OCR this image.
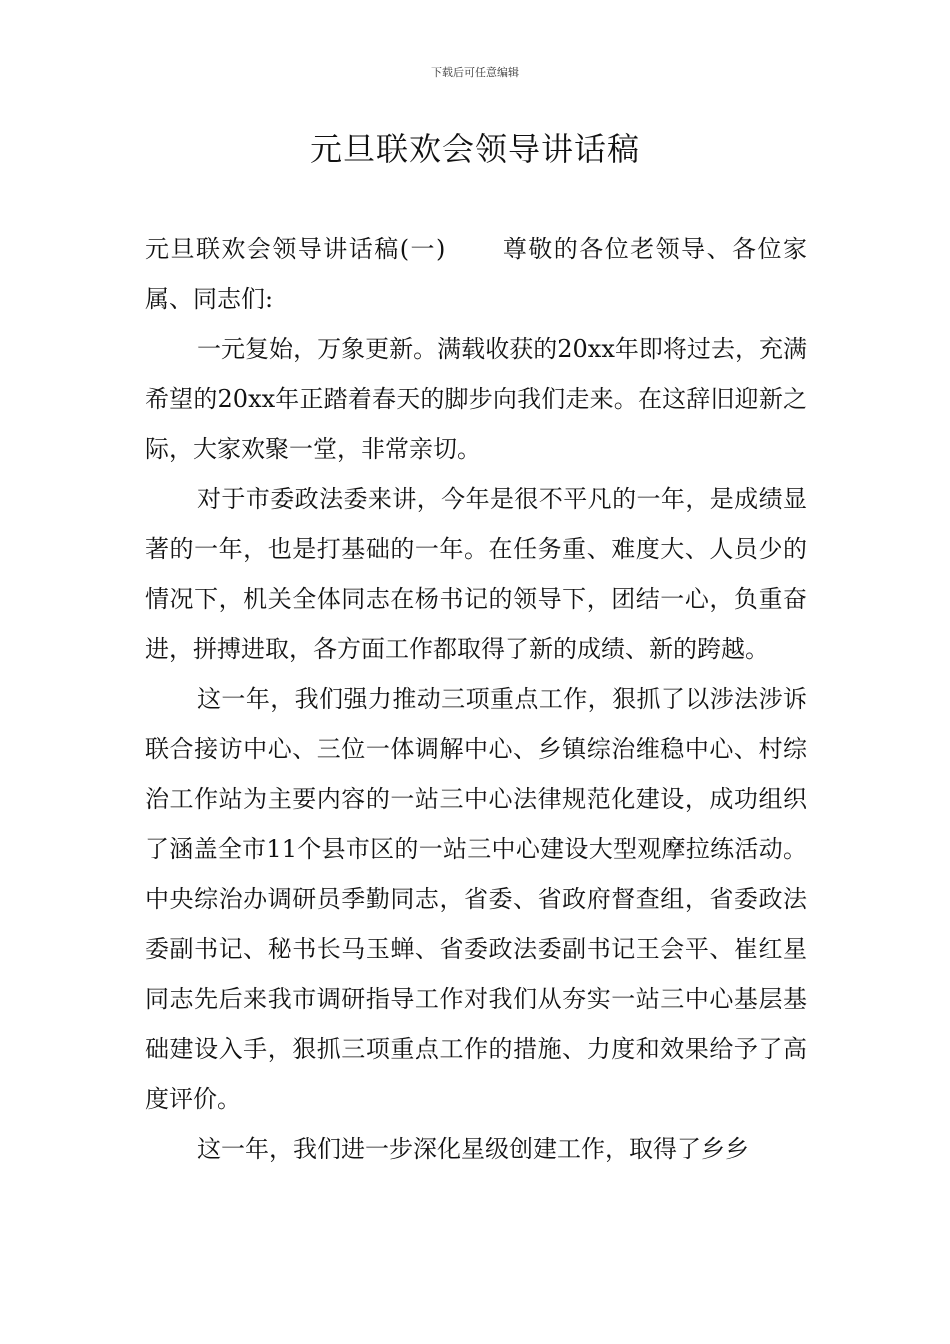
下载后可任意编辑
元旦联欢会领导讲话稿

元旦联欢会领导讲话稿(一) 尊敬的各位老领导、各位家属、同志们:

一元复始，万象更新。满载收获的20xx年即将过去，充满希望的20xx年正踏着春天的脚步向我们走来。在这辞旧迎新之际，大家欢聚一堂，非常亲切。

对于市委政法委来讲，今年是很不平凡的一年，是成绩显著的一年，也是打基础的一年。在任务重、难度大、人员少的情况下，机关全体同志在杨书记的领导下，团结一心，负重奋进，拼搏进取，各方面工作都取得了新的成绩、新的跨越。

这一年，我们强力推动三项重点工作，狠抓了以涉法涉诉联合接访中心、三位一体调解中心、乡镇综治维稳中心、村综治工作站为主要内容的一站三中心法律规范化建设，成功组织了涵盖全市11个县市区的一站三中心建设大型观摩拉练活动。中央综治办调研员季勤同志，省委、省政府督查组，省委政法委副书记、秘书长马玉蝉、省委政法委副书记王会平、崔红星同志先后来我市调研指导工作对我们从夯实一站三中心基层基础建设入手，狠抓三项重点工作的措施、力度和效果给予了高度评价。

这一年，我们进一步深化星级创建工作，取得了乡乡
